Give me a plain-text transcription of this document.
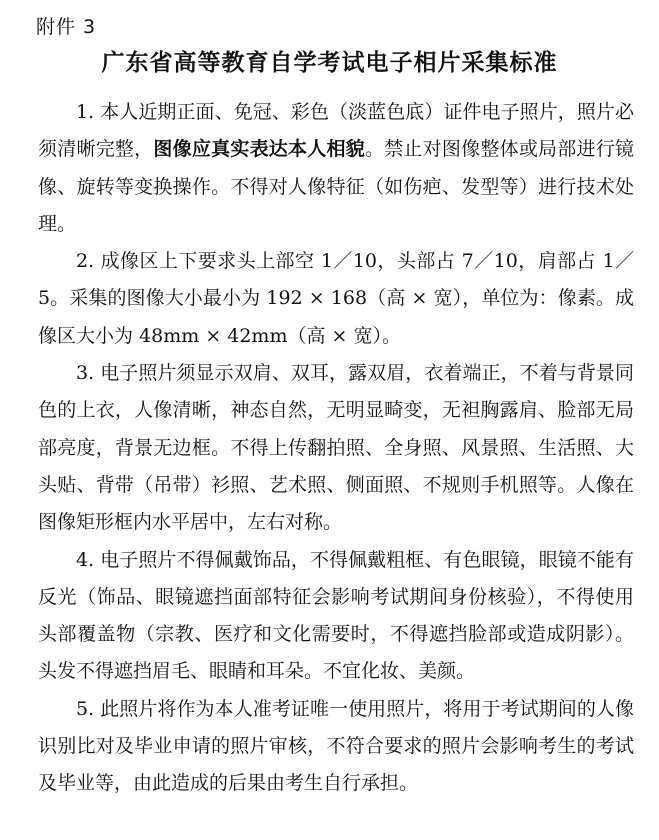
附件 3
广东省高等教育自学考试电子相片采集标准

1. 本人近期正面、免冠、彩色（淡蓝色底）证件电子照片，照片必须清晰完整，图像应真实表达本人相貌。禁止对图像整体或局部进行镜像、旋转等变换操作。不得对人像特征（如伤疤、发型等）进行技术处理。

2. 成像区上下要求头上部空 1／10，头部占 7／10，肩部占 1／5。采集的图像大小最小为 192 × 168（高 × 宽），单位为：像素。成像区大小为 48mm × 42mm（高 × 宽）。

3. 电子照片须显示双肩、双耳，露双眉，衣着端正，不着与背景同色的上衣，人像清晰，神态自然，无明显畸变，无袒胸露肩、脸部无局部亮度，背景无边框。不得上传翻拍照、全身照、风景照、生活照、大头贴、背带（吊带）衫照、艺术照、侧面照、不规则手机照等。人像在图像矩形框内水平居中，左右对称。

4. 电子照片不得佩戴饰品，不得佩戴粗框、有色眼镜，眼镜不能有反光（饰品、眼镜遮挡面部特征会影响考试期间身份核验），不得使用头部覆盖物（宗教、医疗和文化需要时，不得遮挡脸部或造成阴影）。头发不得遮挡眉毛、眼睛和耳朵。不宜化妆、美颜。

5. 此照片将作为本人准考证唯一使用照片，将用于考试期间的人像识别比对及毕业申请的照片审核，不符合要求的照片会影响考生的考试及毕业等，由此造成的后果由考生自行承担。
